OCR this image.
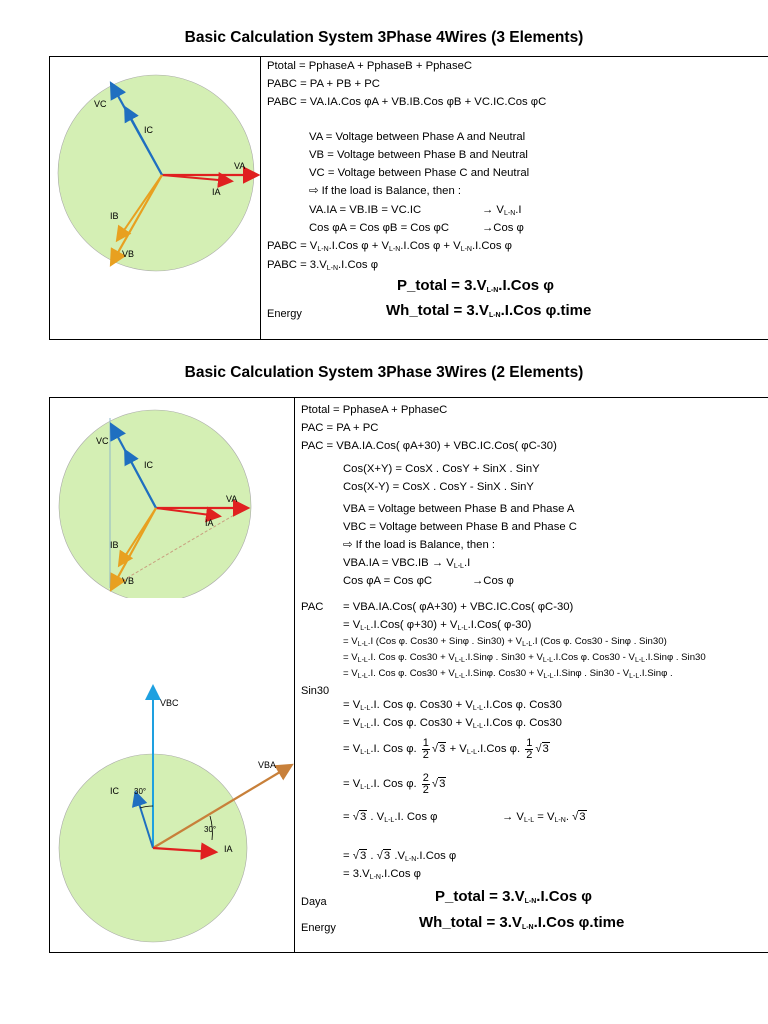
Basic Calculation System 3Phase 4Wires (3 Elements)
VA
IA
VC
IC
IB
VB
Ptotal = PphaseA + PphaseB + PphaseC
PABC = PA + PB + PC
PABC = VA.IA.Cos φA + VB.IB.Cos φB + VC.IC.Cos φC
VA = Voltage between Phase A and Neutral
VB = Voltage between Phase B and Neutral
VC = Voltage between Phase C and Neutral
⇨ If the load is Balance, then :
VA.IA = VB.IB = VC.IC	→ $V_{L-N}.I$
Cos φA = Cos φB = Cos φC	→Cos φ
PABC = $V_{L-N}.I.Cos$ $\varphi + V_{L-N}.I.Cos$ $\varphi + V_{L-N}.I.Cos$ φ
PABC = $3.V_{L-N}.I.Cos$ φ
P_total = $3.V_{L-N}.I.Cos$ φ
Energy	Wh_total = $3.V_{L-N}.I.Cos$ φ.time
Basic Calculation System 3Phase 3Wires (2 Elements)
VA
IA
VC
IC
IB
VB
VBC
VBA
IC
IA
30°
30°
Ptotal = PphaseA + PphaseC
PAC = PA + PC
PAC = VBA.IA.Cos( φA+30) + VBC.IC.Cos( φC-30)
Cos(X+Y) = CosX . CosY + SinX . SinY
Cos(X-Y) = CosX . CosY - SinX . SinY
VBA = Voltage between Phase B and Phase A
VBC = Voltage between Phase B and Phase C
⇨ If the load is Balance, then :
$VBA.IA = VBC.IB \to V_{L-L}.I$
Cos φA = Cos φC	→Cos φ
PAC = VBA.IA.Cos( φA+30) + VBC.IC.Cos( φC-30)
= $V_{L-L}.I.Cos$( $\varphi+30) + V_{L-L}.I.Cos$( φ-30)
= $V_{L-L}.I$ (Cos φ. Cos30 + Sinφ . $Sin30) + V_{L-L}.I$ (Cos φ. Cos30 - Sinφ . Sin30)
= $V_{L-L}.I$. Cos φ. $Cos30 + V_{L-L}.I.Sin\varphi$ . $Sin30 + V_{L-L}.I.Cos$ φ. $Cos30 - V_{L-L}.I.Sin\varphi$ . Sin30
= $V_{L-L}.I$. Cos φ. $Cos30 + V_{L-L}.I.Sin\varphi$. $Cos30 + V_{L-L}.I.Sin\varphi$ . $Sin30 - V_{L-L}.I.Sin\varphi$ .
Sin30
= $V_{L-L}.I$. Cos φ. $Cos30 + V_{L-L}.I.Cos$ φ. Cos30
= $V_{L-L}.I$. Cos φ. $Cos30 + V_{L-L}.I.Cos$ φ. Cos30
= $V_{L-L}.I$. Cos φ. $\frac{1}{2} √3 + V_{L-L}.I.Cos$ φ. $\frac{1}{2} √3$
= $V_{L-L}.I$. Cos φ. $\frac{2}{2} √3$
= √3 . $V_{L-L}.I$. Cos φ	→ $V_{L-L} = V_{L-N}$. √3
= √3 . √3 $.V_{L-N}.I.Cos$ φ
= $3.V_{L-N}.I.Cos$ φ
Daya	P_total = $3.V_{L-N}.I.Cos$ φ
Energy	Wh_total = $3.V_{L-N}.I.Cos$ φ.time
